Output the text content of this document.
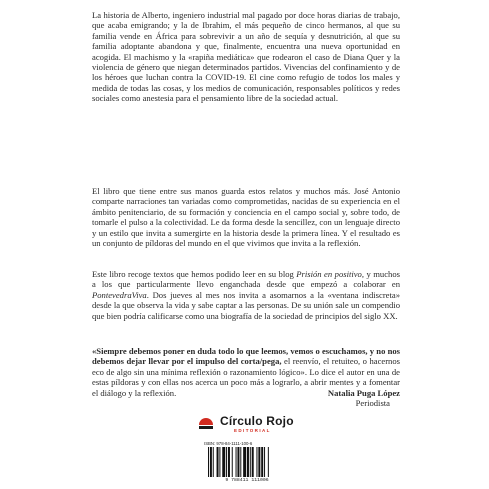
La historia de Alberto, ingeniero industrial mal pagado por doce horas diarias de trabajo, que acaba emigrando; y la de Ibrahim, el más pequeño de cinco hermanos, al que su familia vende en África para sobrevivir a un año de sequía y desnutrición, al que su familia adoptante abandona y que, finalmente, encuentra una nueva oportunidad en acogida. El machismo y la «rapiña mediática» que rodearon el caso de Diana Quer y la violencia de género que niegan determinados partidos. Vivencias del confinamiento y de los héroes que luchan contra la COVID-19. El cine como refugio de todos los males y medida de todas las cosas, y los medios de comunicación, responsables políticos y redes sociales como anestesia para el pensamiento libre de la sociedad actual.

El libro que tiene entre sus manos guarda estos relatos y muchos más. José Antonio comparte narraciones tan variadas como comprometidas, nacidas de su experiencia en el ámbito penitenciario, de su formación y conciencia en el campo social y, sobre todo, de tomarle el pulso a la colectividad. Le da forma desde la sencillez, con un lenguaje directo y un estilo que invita a sumergirte en la historia desde la primera línea. Y el resultado es un conjunto de píldoras del mundo en el que vivimos que invita a la reflexión.

Este libro recoge textos que hemos podido leer en su blog Prisión en positivo, y muchos a los que particularmente llevo enganchada desde que empezó a colaborar en PontevedraViva. Dos jueves al mes nos invita a asomarnos a la «ventana indiscreta» desde la que observa la vida y sabe captar a las personas. De su unión sale un compendio que bien podría calificarse como una biografía de la sociedad de principios del siglo XX.

«Siempre debemos poner en duda todo lo que leemos, vemos o escuchamos, y no nos debemos dejar llevar por el impulso del corta/pega, el reenvío, el retuiteo, o hacernos eco de algo sin una mínima reflexión o razonamiento lógico». Lo dice el autor en una de estas píldoras y con ellas nos acerca un poco más a lograrlo, a abrir mentes y a fomentar el diálogo y la reflexión.	Natalia Puga López

Periodista
Círculo Rojo
EDITORIAL
ISBN: 978-84-1111-100-6
9 788411 111006
